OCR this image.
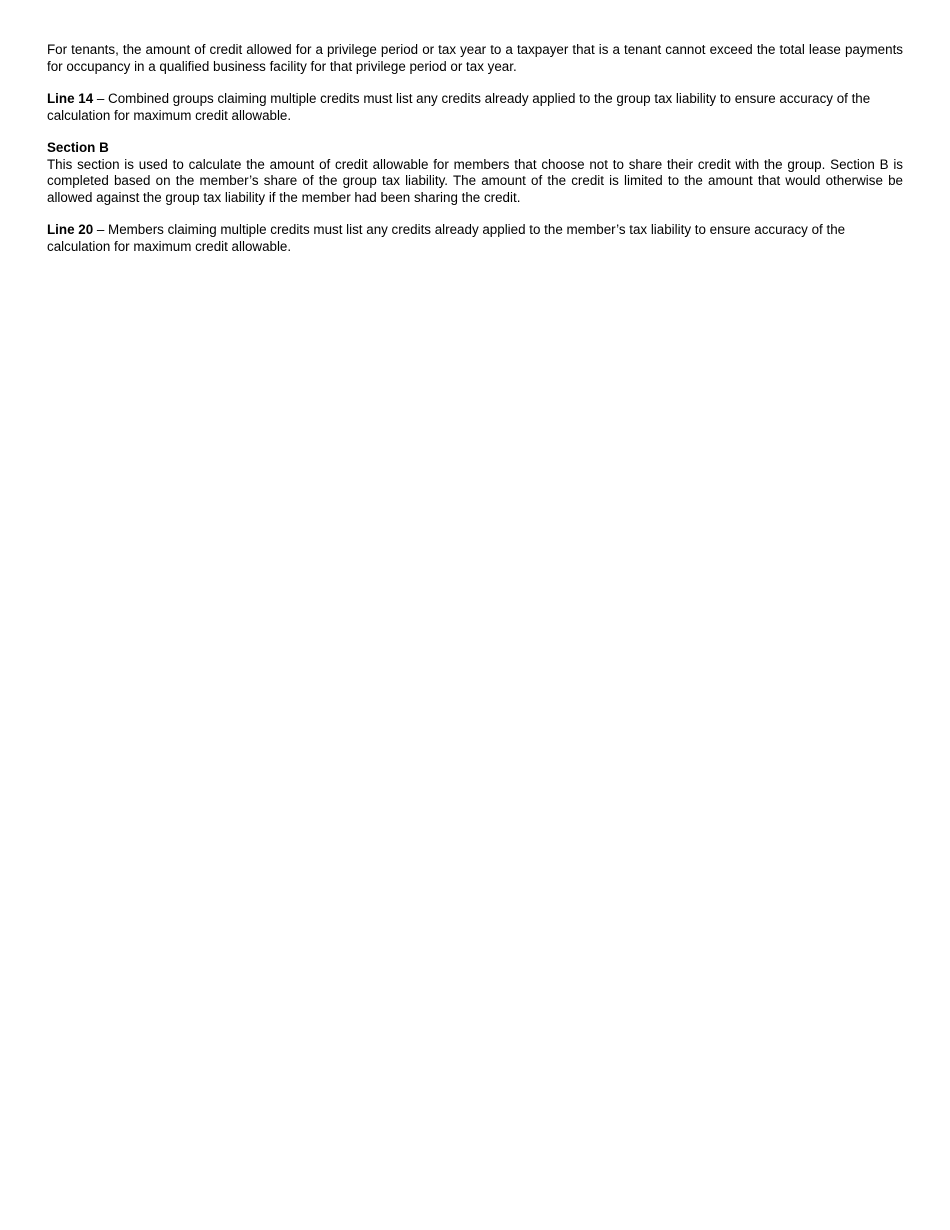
For tenants, the amount of credit allowed for a privilege period or tax year to a taxpayer that is a tenant cannot exceed the total lease payments for occupancy in a qualified business facility for that privilege period or tax year.

Line 14 – Combined groups claiming multiple credits must list any credits already applied to the group tax liability to ensure accuracy of the calculation for maximum credit allowable.

Section B

This section is used to calculate the amount of credit allowable for members that choose not to share their credit with the group. Section B is completed based on the member’s share of the group tax liability. The amount of the credit is limited to the amount that would otherwise be allowed against the group tax liability if the member had been sharing the credit.

Line 20 – Members claiming multiple credits must list any credits already applied to the member’s tax liability to ensure accuracy of the calculation for maximum credit allowable.
